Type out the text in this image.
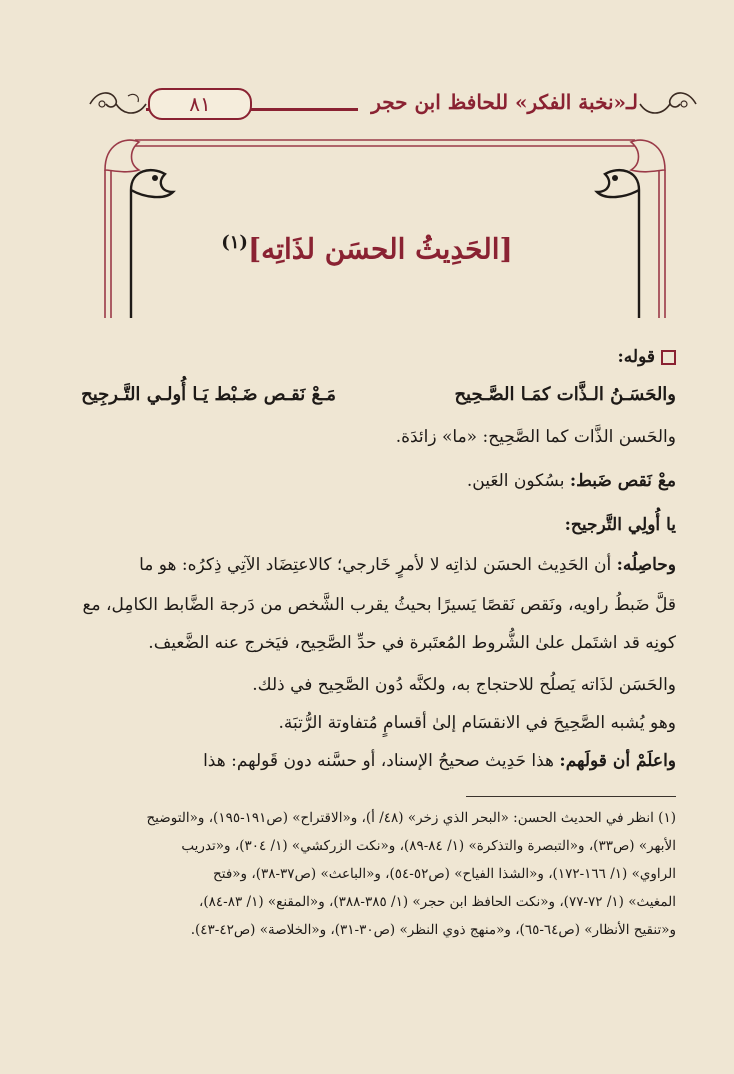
٨١	لـ«نخبة الفكر» للحافظ ابن حجر
[الحَدِيثُ الحسَن لذَاتِه]$^{(١)}$
قوله:
والحَسَـنُ الـذَّات كمَـا الصَّـحِيح
مَـعْ نَقـص ضَـبْط يَـا أُولـي التَّـرجِيح
والحَسن الذَّات كما الصَّحِيح: «ما» زائدَة.
معْ نَقص ضَبط: بسُكون العَين.
يا أُولِي التَّرجيح:
وحاصِلُه: أن الحَدِيث الحسَن لذاتِه لا لأمرٍ خَارجي؛ كالاعتِضَاد الآتِي ذِكرُه: هو ما
قلَّ ضَبطُ راويه، ونَقص نَقصًا يَسيرًا بحيثُ يقرب الشَّخص من دَرجة الضَّابط الكامِل، مع
كونِه قد اشتَمل علىٰ الشُّروط المُعتَبرة في حدِّ الصَّحِيح، فيَخرج عنه الضَّعيف.
والحَسَن لذَاته يَصلُح للاحتجاج به، ولكنَّه دُون الصَّحِيح في ذلك.
وهو يُشبه الصَّحِيحَ في الانقسَام إلىٰ أقسامٍ مُتفاوتة الرُّتبَة.
واعلَمْ أن قولَهم: هذا حَدِيث صحيحُ الإسناد، أو حسَّنه دون قَولهم: هذا
(١) انظر في الحديث الحسن: «البحر الذي زخر» (٤٨/ أ)، و«الاقتراح» (ص١٩١-١٩٥)، و«التوضيح
الأبهر» (ص٣٣)، و«التبصرة والتذكرة» (١/ ٨٤-٨٩)، و«نكت الزركشي» (١/ ٣٠٤)، و«تدريب
الراوي» (١/ ١٦٦-١٧٢)، و«الشذا الفياح» (ص٥٢-٥٤)، و«الباعث» (ص٣٧-٣٨)، و«فتح
المغيث» (١/ ٧٢-٧٧)، و«نكت الحافظ ابن حجر» (١/ ٣٨٥-٣٨٨)، و«المقنع» (١/ ٨٣-٨٤)،
و«تنقيح الأنظار» (ص٦٤-٦٥)، و«منهج ذوي النظر» (ص٣٠-٣١)، و«الخلاصة» (ص٤٢-٤٣).
